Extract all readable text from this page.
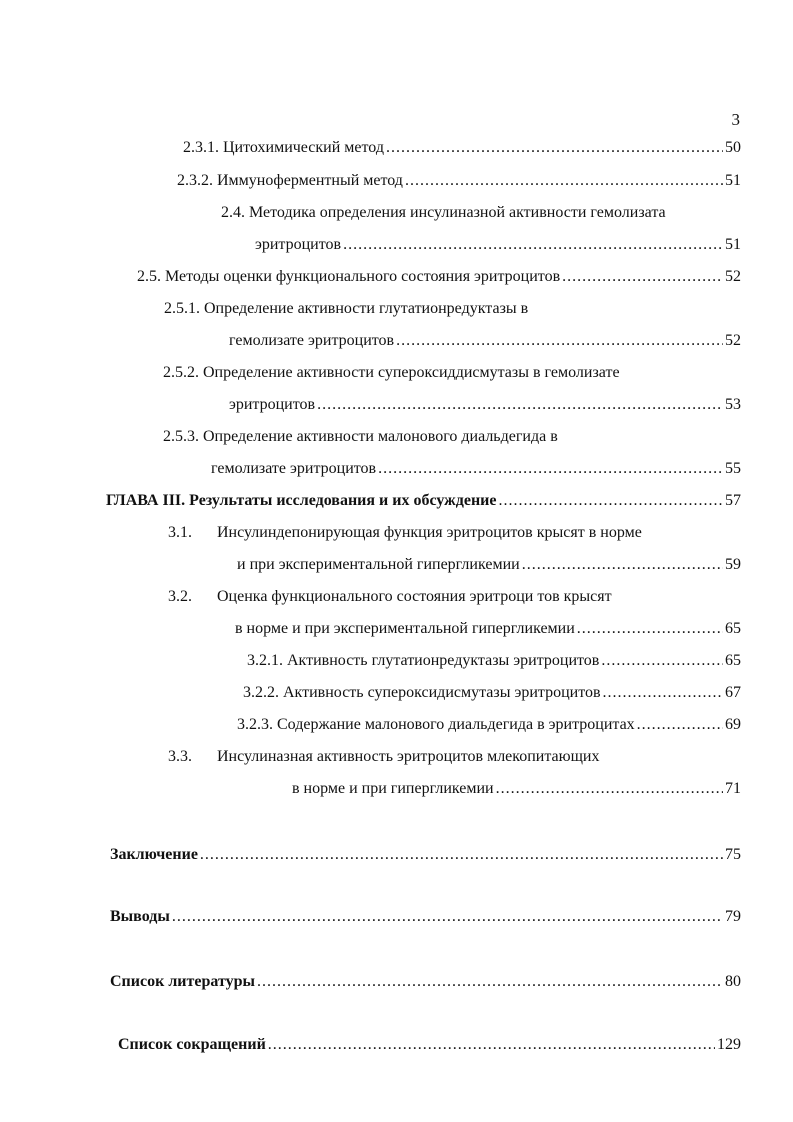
3
2.3.1. Цитохимический метод .....	50
2.3.2. Иммуноферментный метод .....	51
2.4. Методика определения инсулиназной активности гемолизата
эритроцитов .....	51
2.5. Методы оценки функционального состояния эритроцитов .....	52
2.5.1. Определение активности глутатионредуктазы в
гемолизате эритроцитов .....	52
2.5.2. Определение активности супероксиддисмутазы в гемолизате
эритроцитов .....	53
2.5.3. Определение активности малонового диальдегида в
гемолизате эритроцитов .....	55
ГЛАВА III. Результаты исследования и их обсуждение .....	57
3.1. Инсулиндепонирующая функция эритроцитов крысят в норме
и при экспериментальной гипергликемии .....	59
3.2. Оценка функционального состояния эритроци тов крысят
в норме и при экспериментальной гипергликемии .....	65
3.2.1. Активность глутатионредуктазы эритроцитов .....	65
3.2.2. Активность супероксидисмутазы эритроцитов .....	67
3.2.3. Содержание малонового диальдегида в эритроцитах .....	69
3.3. Инсулиназная активность эритроцитов млекопитающих
в норме и при гипергликемии .....	71
Заключение .....	75
Выводы .....	79
Список литературы .....	80
Список сокращений .....	129
